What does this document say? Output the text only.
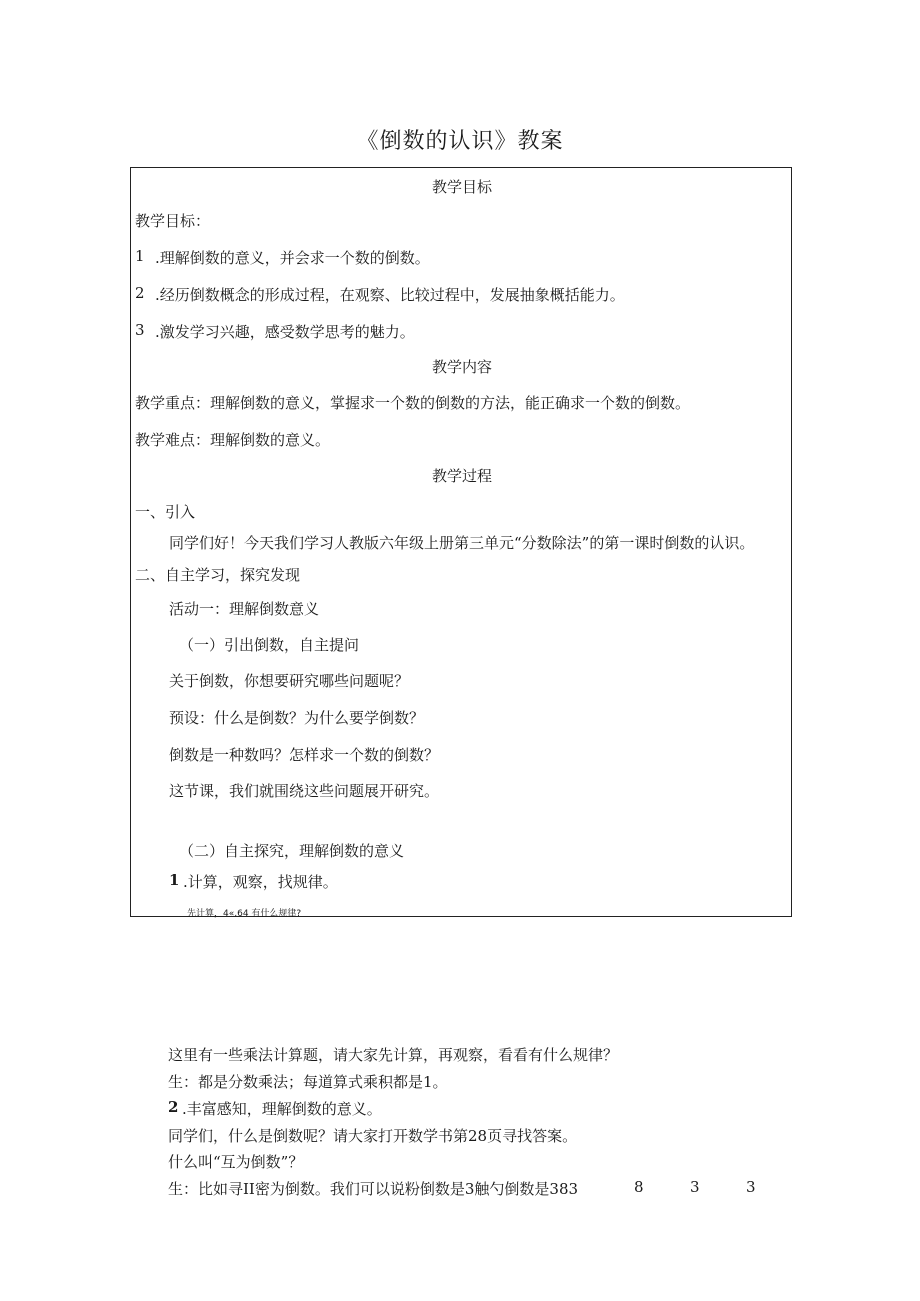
《倒数的认识》教案
教学目标
教学目标：
1 .理解倒数的意义，并会求一个数的倒数。
2 .经历倒数概念的形成过程，在观察、比较过程中，发展抽象概括能力。
3 .激发学习兴趣，感受数学思考的魅力。
教学内容
教学重点：理解倒数的意义，掌握求一个数的倒数的方法，能正确求一个数的倒数。
教学难点：理解倒数的意义。
教学过程
一、引入
同学们好！今天我们学习人教版六年级上册第三单元“分数除法”的第一课时倒数的认识。
二、自主学习，探究发现
活动一：理解倒数意义
（一）引出倒数，自主提问
关于倒数，你想要研究哪些问题呢？
预设：什么是倒数？为什么要学倒数？
倒数是一种数吗？怎样求一个数的倒数？
这节课，我们就围绕这些问题展开研究。
（二）自主探究，理解倒数的意义
1 .计算，观察，找规律。
先计算，4«,64 有什么规律?
这里有一些乘法计算题，请大家先计算，再观察，看看有什么规律？
生：都是分数乘法；每道算式乘积都是1。
2 .丰富感知，理解倒数的意义。
同学们，什么是倒数呢？请大家打开数学书第28页寻找答案。
什么叫“互为倒数”？
生：比如寻II密为倒数。我们可以说粉倒数是3触勺倒数是383	8	3	3
